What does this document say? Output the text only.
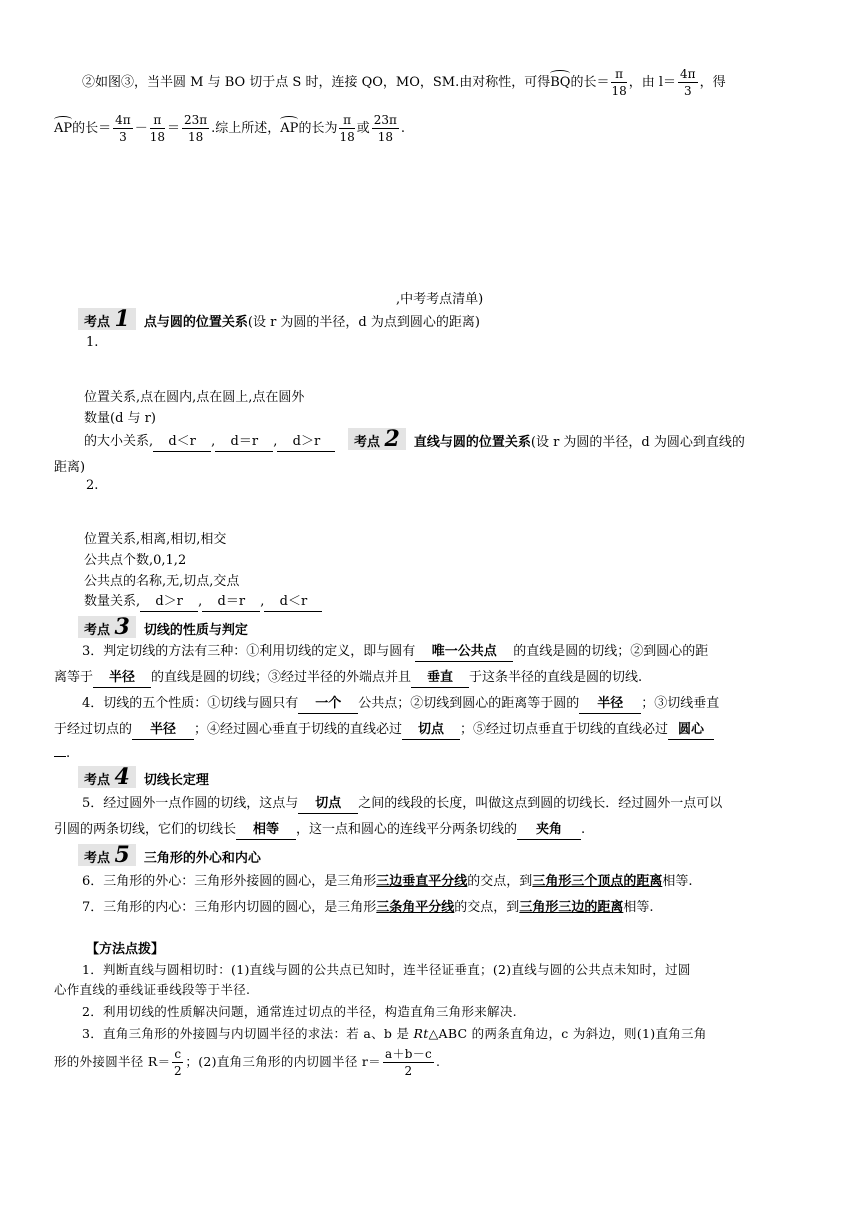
②如图③，当半圆 M 与 BO 切于点 S 时，连接 QO，MO，SM.由对称性，可得BQ的长＝ $\frac{\pi}{18}$ ，由 $l= \frac{4\pi}{3}$ ，得
AP的长＝ $\frac{4\pi}{3} - \frac{\pi}{18} = \frac{23\pi}{18}$ .综上所述，AP的长为 $\frac{\pi}{18}$ 或 $\frac{23\pi}{18}$ .
,中考考点清单)
考点 1 点与圆的位置关系(设 r 为圆的半径，d 为点到圆心的距离)
1.
位置关系,点在圆内,点在圆上,点在圆外
数量(d 与 r)
的大小关系, d＜r , d＝r , d＞r	考点 2 直线与圆的位置关系(设 r 为圆的半径，d 为圆心到直线的
距离)
2.
位置关系,相离,相切,相交
公共点个数,0,1,2
公共点的名称,无,切点,交点
数量关系, d＞r , d＝r , d＜r
考点 3 切线的性质与判定
3．判定切线的方法有三种：①利用切线的定义，即与圆有 唯一公共点 的直线是圆的切线；②到圆心的距
离等于 半径 的直线是圆的切线；③经过半径的外端点并且 垂直 于这条半径的直线是圆的切线.
4．切线的五个性质：①切线与圆只有 一个 公共点；②切线到圆心的距离等于圆的 半径 ；③切线垂直
于经过切点的 半径 ；④经过圆心垂直于切线的直线必过 切点 ；⑤经过切点垂直于切线的直线必过 圆心
.
考点 4 切线长定理
5．经过圆外一点作圆的切线，这点与 切点 之间的线段的长度，叫做这点到圆的切线长．经过圆外一点可以
引圆的两条切线，它们的切线长 相等 ，这一点和圆心的连线平分两条切线的 夹角 .
考点 5 三角形的外心和内心
6．三角形的外心：三角形外接圆的圆心，是三角形三边垂直平分线的交点，到三角形三个顶点的距离相等.
7．三角形的内心：三角形内切圆的圆心，是三角形三条角平分线的交点，到三角形三边的距离相等.
【方法点拨】
1．判断直线与圆相切时：(1)直线与圆的公共点已知时，连半径证垂直；(2)直线与圆的公共点未知时，过圆
心作直线的垂线证垂线段等于半径.
2．利用切线的性质解决问题，通常连过切点的半径，构造直角三角形来解决.
3．直角三角形的外接圆与内切圆半径的求法：若 a、b 是 Rt△ABC 的两条直角边，c 为斜边，则(1)直角三角
形的外接圆半径 $R= \frac{c}{2}$ ；(2)直角三角形的内切圆半径 $r= \frac{a+b-c}{2}$ .
